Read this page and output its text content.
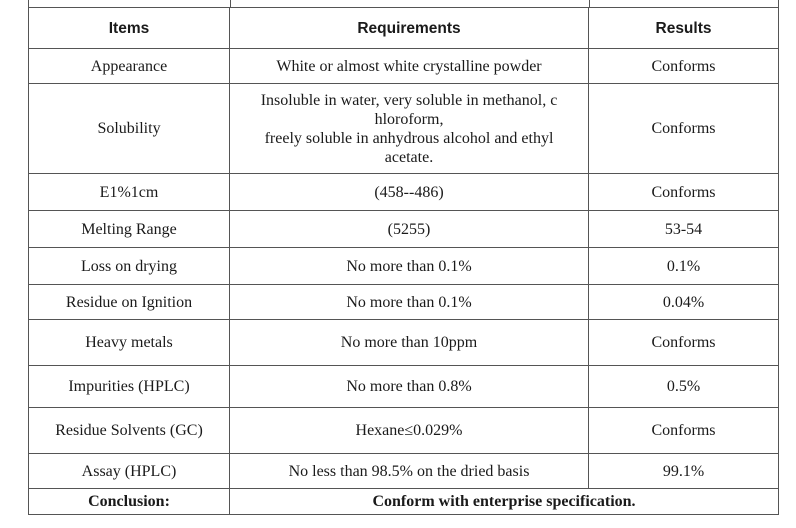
Items	Requirements	Results
Appearance	White or almost white crystalline powder	Conforms
Solubility	Insoluble in water, very soluble in methanol, c
hloroform,
freely soluble in anhydrous alcohol and ethyl
acetate.	Conforms
E1%1cm	(458--486)	Conforms
Melting Range	(5255)	53-54
Loss on drying	No more than 0.1%	0.1%
Residue on Ignition	No more than 0.1%	0.04%
Heavy metals	No more than 10ppm	Conforms
Impurities (HPLC)	No more than 0.8%	0.5%
Residue Solvents (GC)	Hexane≤0.029%	Conforms
Assay (HPLC)	No less than 98.5% on the dried basis	99.1%
Conclusion:	Conform with enterprise specification.	
